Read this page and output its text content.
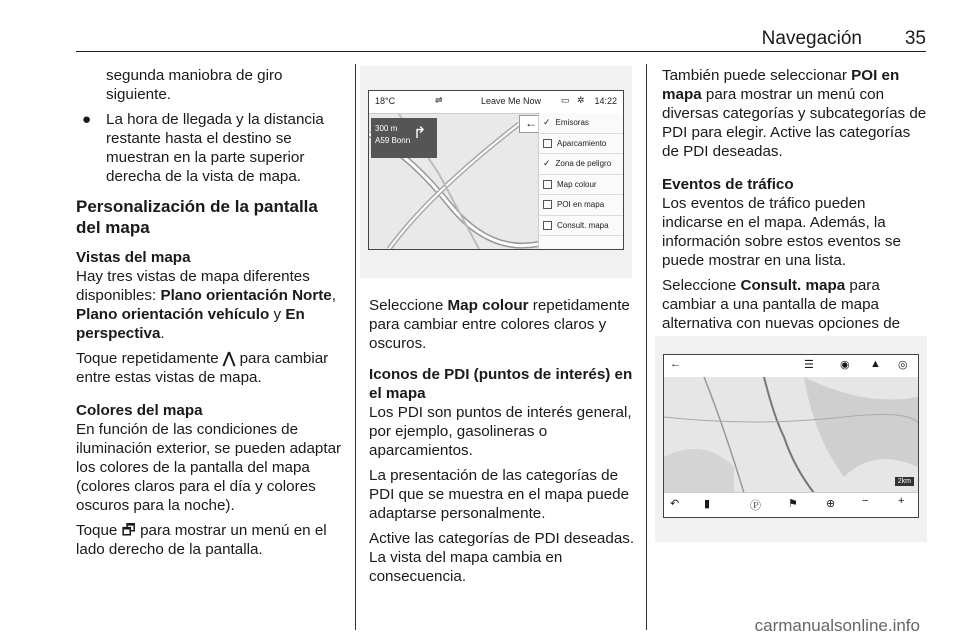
Navegación 35

segunda maniobra de giro siguiente.

● La hora de llegada y la distancia restante hasta el destino se muestran en la parte superior derecha de la vista de mapa.
Personalización de la pantalla del mapa

Vistas del mapa
Hay tres vistas de mapa diferentes disponibles: Plano orientación Norte, Plano orientación vehículo y En perspectiva.

Toque repetidamente ⋀ para cambiar entre estas vistas de mapa.

Colores del mapa
En función de las condiciones de iluminación exterior, se pueden adaptar los colores de la pantalla del mapa (colores claros para el día y colores oscuros para la noche).

Toque 🗗 para mostrar un menú en el lado derecho de la pantalla.

18°C	⇌	Leave Me Now ▭ ✲ 14:22
300 m
A59 Bonn ↱
← ✓ Emisoras
Aparcamiento
✓ Zona de peligro
Map colour
POI en mapa
Consult. mapa

Seleccione Map colour repetidamente para cambiar entre colores claros y oscuros.

Iconos de PDI (puntos de interés) en el mapa
Los PDI son puntos de interés general, por ejemplo, gasolineras o aparcamientos.

La presentación de las categorías de PDI que se muestra en el mapa puede adaptarse personalmente.

Active las categorías de PDI deseadas. La vista del mapa cambia en consecuencia.

También puede seleccionar POI en mapa para mostrar un menú con diversas categorías y subcategorías de PDI para elegir. Active las categorías de PDI deseadas.

Eventos de tráfico
Los eventos de tráfico pueden indicarse en el mapa. Además, la información sobre estos eventos se puede mostrar en una lista.

Seleccione Consult. mapa para cambiar a una pantalla de mapa alternativa con nuevas opciones de

←	☰ ◉ ▲ ◎
2km
↶ ▮	Ⓟ ⚑	⊕ −	+
carmanualsonline.info
